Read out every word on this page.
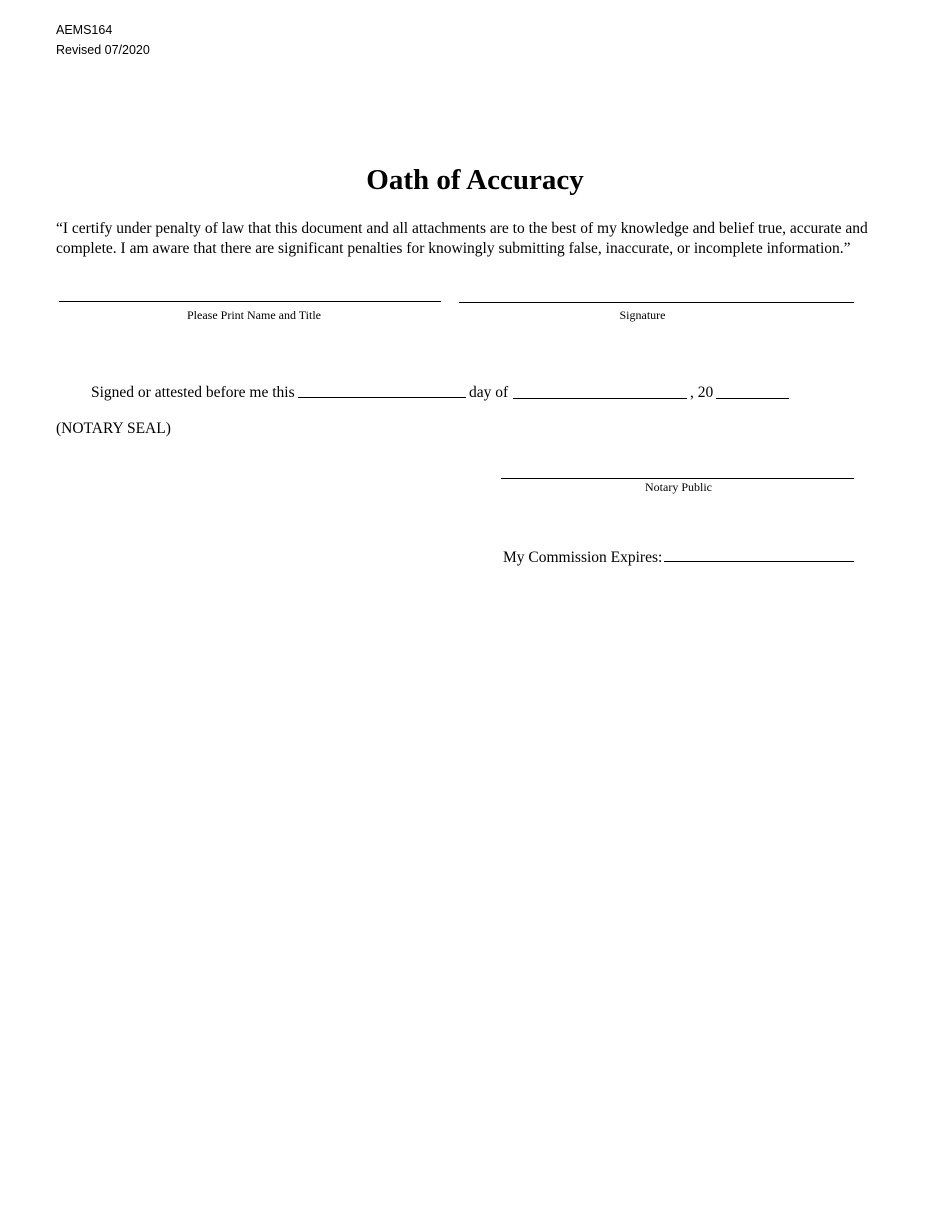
AEMS164
Revised 07/2020
Oath of Accuracy
“I certify under penalty of law that this document and all attachments are to the best of my knowledge and belief true, accurate and complete. I am aware that there are significant penalties for knowingly submitting false, inaccurate, or incomplete information.”
Please Print Name and Title	Signature
Signed or attested before me this	day of	, 20
(NOTARY SEAL)
Notary Public
My Commission Expires:
